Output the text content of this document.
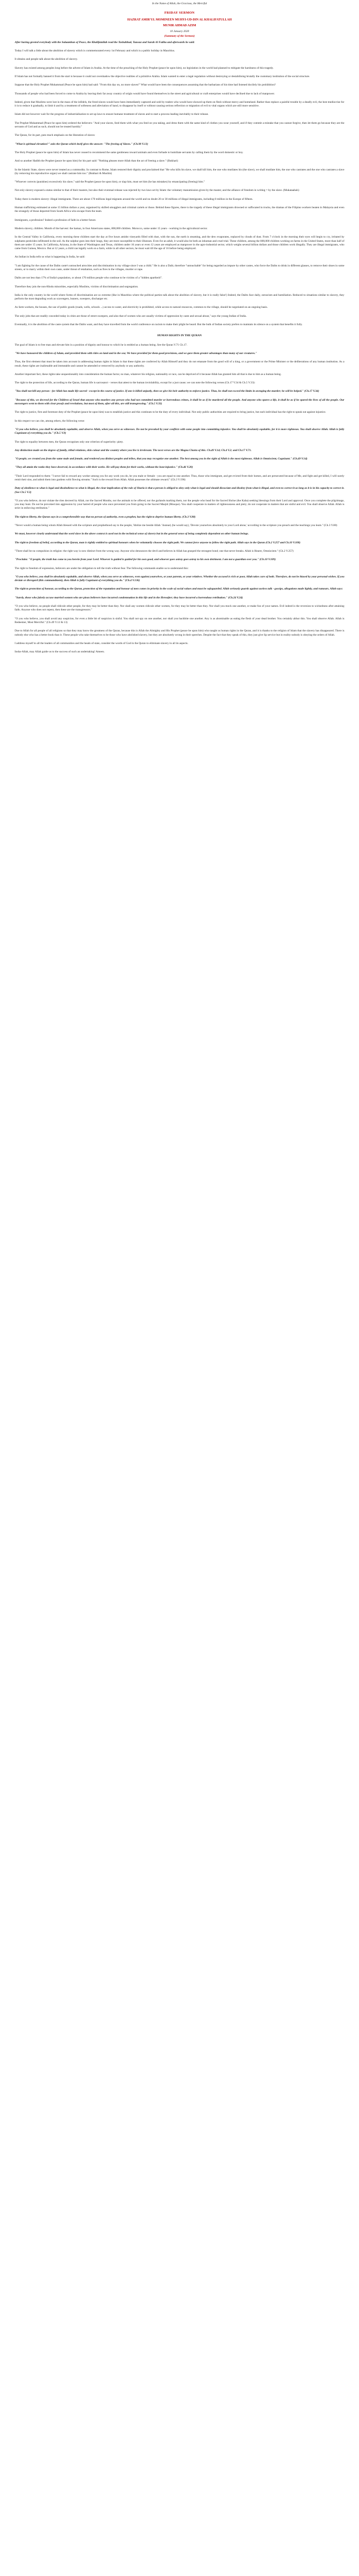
In the Name of Allah, the Gracious, the Merciful
FRIDAY SERMON
HAZRAT AMIR'UL MOMINEEN MUHYI-UD-DIN AL KHALIFATULLAH
MUNIR AHMAD AZIM
10 January 2020
(Summary of the Sermon)

After having greeted everybody with the Salaamhun of Peace, the Khalifatullah read the Tashahhud, Taawuz and Surah Al Fatiha and afterwards he said:

Today I will talk a little about the abolition of slavery which is commemorated every 1st February and which is a public holiday in Mauritius.

It obtains and people talk about the abolition of slavery.

Slavery has existed among peoples long before the advent of Islam in Arabia. At the time of the preaching of the Holy Prophet (peace be upon him), no legislation in the world had planned to mitigate the harshness of this tragedy.

If Islam has not formally banned it from the start is because it could not overshadow the objective realities of a primitive Arabia. Islam wanted to enter a legal regulation without destroying or destabilising brutally the customary institution of the social structure.

Suppose that the Holy Prophet Muhammad (Peace be upon him) had said: "From this day on, no more slaves!" What would have been the consequences assuming that the barbarians of his time had listened docilely his prohibition?

Thousands of people who had been forced to come to Arabia by leaving their far away country of origin would have found themselves in the street and agricultural or craft enterprises would have declined due to lack of manpower.

Indeed, given that Muslims were lost in the mass of the infidels, the freed slaves would have been immediately captured and sold by traders who would have showed up them on flesh without mercy and homeland. Rather than replace a painful trouble by a deadly evil, the best mediocrise for it is to reduce it gradually, to limit it and by a treatment of softeness and alleviation of hand, to disappear by itself or without causing serious reflection or migration of evil to vital organs which are still more sensitive.

Islam did not however wait for the progress of industrialisation to set up laws to ensure humane treatment of slaves and to start a process leading inevitably to their release.

The Prophet Muhammad (Peace be upon him) ordered the believers: "And your slaves, feed them with what you feed on you taking, and dress them with the same kind of clothes you wear yourself, and if they commit a mistake that you cannot forgive, then let them go because they are the servants of God and as such, should not be treated harshly."

The Quran, for its part, puts much emphasis on the liberation of slaves:

"What is spiritual elevation?" asks the Quran which itself gives the answer: "The freeing of Slaves." (Ch.90 V.13)

The Holy Prophet (peace be upon him) of Islam has never ceased to recommend the same gentleness toward animals and even forbade to humiliate servants by calling them by the word domestic or boy.

And so another Hadith the Prophet (peace be upon him) for his part said: "Nothing pleases more Allah than the act of freeing a slave." (Bukhari)

In the Islamic State, slaves were never treated as a commodity. In contrast to Rome, Islam restored their dignity and proclaimed that "He who kills his slave, we shall kill him, the one who mutilates his (the slave), we shall mutilate him, the one who castrates and the one who castrates a slave (by removing his reproductive organ) we shall castrate him too." (Bukhari & Muslim)

"Whoever corrects (punishes) excessively his slave," said the Prophet (peace be upon him), or slap him, must set him (he has mistakes) by emancipating (freeing) him."

Not only slavery exposed a status similar to that of their masters, but also their eventual release was rejected by two laws set by Islam: the voluntary manumission given by the master, and the alliance of freedom in writing = by the slave. (Mukataabah)

Today there is modern slavery: illegal immigrants. There are about 170 millions legal migrants around the world and no doubt 20 or 30 millions of illegal immigrants, including 8 million in the Europe of fifteen.

Human trafficking estimated at some 15 billion dollars a year, organised by skilled smugglers and criminal cartels or those. Behind these figures, there is the tragedy of these illegal immigrants drowned or suffocated in trucks, the dramas of the Filipino workers beaten in Malaysia and even the strangely of those deported from South Africa who escape from the team.

Immigrants, a profession? Indeed a profession of faith in a better future.

Modern slavery, children. Month of the harvest: the hamaz, in four Americans states, 800,000 children. Morocco, some under 15 years - working in the agricultural sector.

In the Central Valley in California, every morning these children start the day at five hours amidst vineyards filled with dust, with the sun, the earth is steaming, and the dew evaporates, replaced by clouds of dust. From 7 o'clock in the morning their eyes will begin to cry, irritated by sulphates pesticides infiltrated in the soil. As the sulphur goes into their lungs, they are more susceptible to their illnesses. Even for an adult, it would also be both an inhuman and cruel trial. These children, among the 800,000 children working on farms in the United States, more than half of them are under 15 years. In California, Arizona, in the State of Washington and Texas, children under 16 years or even 12 years are employed as manpower in the agro-industrial sector, which weighs several billion dollars and those children work illegally. They are illegal immigrants, who came from Guinea, Mexico. But at 12 years, a child can legally work on a farm, while in all other sectors, he must wait till the age of 16 before being employed.

An Indian in India tells us what is happening in India, he said:

"I am fighting for the cause of the Dalits caste's untouched atrocities and discrimination in my village since I was a child." He is also a Dalit, therefore "untouchable" for being regarded as impure by other castes, who force the Dalits to drink in different glasses, to remove their shoes in some streets, or to marry within their own caste, under threat of retaliation, such as fires in the villages, murder or rape.

Dalits are not less than 17% of India's population, or about 170 million people who continue to be victims of a "hidden apartheid".

Therefore they join the non-Hindu minorities, especially Muslims, victims of discrimination and segregation.

India is the only country in the world where forms of discrimination are so extreme (like in Mauritius where the political parties talk about the abolition of slavery, but it is really false!) Indeed, the Dalits face daily, ostracism and humiliation. Reduced to situations similar to slavery, they perform the most degrading work as scavengers, leaners, sweepers, discharger etc.

As farm workers, the houses, the use of public goods (roads, wells, schools ...) access to water, and electricity is prohibited, while access to natural resources, common to the village, should be negotiated on an ongoing basis.

The only jobs that are readily conceded today in cities are those of street sweepers, and also that of women who are usually victims of oppression by caste and sexual abuse," says the young Indian of India.

Eventually, it is the abolition of the caste system that the Dalits want, and they have travelled from the world conference on racism to make their plight be heard. But the bulk of Indian society prefers to maintain its silence on a system that benefits it fully.

HUMAN RIGHTS IN THE QURAN

The goal of Islam is to free man and elevate him in a position of dignity and honour to which he is entitled as a human being. See the Quran V.71 Ch.17.

"We have honoured the children of Adam, and provided them with rides on land and in the sea; We have provided for them good provisions, and we gave them greater advantages than many of our creatures."

Thus, the first element that must be taken into account in addressing human rights in Islam is that these rights are conferred by Allah Himself and they do not emanate from the good will of a king, or a government or the Prime Minister or the deliberations of any human institution. As a result, these rights are inalienable and immutable and cannot be amended or removed by anybody or any authority.

Another important fact, these rights take unquestionably into consideration the human factor, no man, whatever his religion, nationality or race, can be deprived of it because Allah has granted him all that is due to him as a human being.

The right to the protection of life, according to the Quran, human life is sacrosanct - verses that attest to the human inviolability, except for a just cause; we can note the following verses (Ch.17 V.34 & Ch.5 V.33):

"You shall not kill any person - for Allah has made life sacred - except in the course of justice. If one is killed unjustly, then we give his heir authority to enforce justice. Thus, he shall not exceed the limits in avenging the murder; he will be helped." (Ch.17 V.34)

"Because of this, we decreed for the Children of Israel that anyone who murders any person who had not committed murder or horrendous crimes, it shall be as if he murdered all the people. And anyone who spares a life, it shall be as if he spared the lives of all the people. Our messengers went to them with clear proofs and revelations, but most of them, after all this, are still transgressing." (Ch.5 V.33)

The right to justice, first and foremost duty of the Prophet (peace be upon him) was to establish justice and this continues to be the duty of every individual. Not only public authorities are required to bring justice, but each individual has the right to speak out against injustice.

In this respect we can cite, among others, the following verse:

"O you who believe, you shall be absolutely equitable, and observe Allah, when you serve as witnesses. Do not be provoked by your conflicts with some people into committing injustice. You shall be absolutely equitable, for it is more righteous. You shall observe Allah. Allah is fully Cognizant of everything you do." (Ch.5 V.9)

The right to equality between men, the Quran recognises only one criterion of superiority: piety.

Any distinction made on the degree of family, tribal relations, skin colour and the country where you live is irrelevant. The next verses are the Magna Charta of this. Ch.49 V.14; Ch.4 V.2; and Ch.17 V.71.

"O people, we created you from the same male and female, and rendered you distinct peoples and tribes, that you may recognize one another. The best among you in the sight of Allah is the most righteous. Allah is Omniscient, Cognizant." (Ch.49 V.14)

"They all attain the ranks they have deserved, in accordance with their works. He will pay them for their works, without the least injustice." (Ch.46 V.20)

"Their Lord responded to them: "I never fail to reward any worker among you for any work you do, be you male or female - you are equal to one another. Thus, those who immigrate, and get evicted from their homes, and are persecuted because of Me, and fight and get killed, I will surely remit their sins, and admit them into gardens with flowing streams." Such is the reward from Allah. Allah possesses the ultimate reward." (Ch.3 V.196)

Duty of obedience to what is legal and disobedience to what is illegal, the clear implication of the rule of Sharia is that a person is obliged to obey only what is legal and should dissociate and disobey from what is illegal, and even to correct it as long as it is in his capacity to correct it. (See Ch.5 V.3)

"O you who believe, do not violate the rites decreed by Allah, nor the Sacred Months, nor the animals to be offered, nor the garlands marking them, nor the people who head for the Sacred Shrine (the Kaba) seeking blessings from their Lord and approval. Once you complete the pilgrimage, you may hunt. Do not be provoked into aggression by your hatred of people who once prevented you from going to the Sacred Masjid (Mosque). You shall cooperate in matters of righteousness and piety; do not cooperate in matters that are sinful and evil. You shall observe Allah. Allah is strict in enforcing retribution."

The right to liberty, the Quran says in a comprehensible way that no person of authority, even a prophet, has the right to deprive human liberty. (Ch.3 V.80)

"Never would a human being whom Allah blessed with the scripture and prophethood say to the people, 'Idolize me beside Allah.' Instead, (he would say), 'Devote yourselves absolutely to your Lord alone,' according to the scripture you preach and the teachings you learn." (Ch.3 V.80)

We must, however clearly understand that the word slave in the above context is used not in the technical sense of slavery but in the general sense of being completely dependent on other human beings.

The right to freedom of belief, according to the Quran, man is rightly entitled to spiritual honours when he voluntarily chooses the right path. We cannot force anyone to follow the right path. Allah says in the Quran (Ch.2 V.257 and Ch.10 V.100)

"There shall be no compulsion in religion: the right way is now distinct from the wrong way. Anyone who denounces the devil and believes in Allah has grasped the strongest bond; one that never breaks. Allah is Hearer, Omniscient." (Ch.2 V.257)

"Proclaim: "O people, the truth has come to you herein from your Lord. Whoever is guided is guided for his own good, and whoever goes astray goes astray to his own detriment. I am not a guardian over you." (Ch.10 V.109)

The right to freedom of expression, believers are under the obligation to tell the truth without fear. The following commands enable us to understand this:

"O you who believe, you shall be absolutely equitable, and observe Allah, when you serve as witnesses, even against yourselves, or your parents, or your relatives. Whether the accused is rich or poor, Allah takes care of both. Therefore, do not be biased by your personal wishes. If you deviate or disregard (this commandment), then Allah is fully Cognizant of everything you do." (Ch.4 V.136)

The right to protection of honour, according to the Quran, protection of the reputation and honour of men comes in priority in the scale of social values and must be safeguarded. Allah seriously guards against useless talk - gossips, allegations made lightly, and rumours. Allah says:

"Surely, those who falsely accuse married women who are pious believers have incurred condemnation in this life and in the Hereafter; they have incurred a horrendous retribution." (Ch.24 V.24)

"O you who believe, no people shall ridicule other people, for they may be better than they. Nor shall any women ridicule other women, for they may be better than they. Nor shall you mock one another, or make fun of your names. Evil indeed is the reversion to wickedness after attaining faith. Anyone who does not repent, then these are the transgressors."

"O you who believe, you shall avoid any suspicion, for even a little bit of suspicion is sinful. You shall not spy on one another, nor shall you backbite one another. Any is as abominable as eating the flesh of your dead brother. You certainly abhor this. You shall observe Allah. Allah is Redeemer, Most Merciful." (Ch.49 V.12 & 13)

Due to Allah for all people of all religions so that they may know the greatness of the Quran, because this is Allah the Almighty and His Prophet (peace be upon him) who taught us human rights in the Quran, and it is thanks to the religion of Islam that the slavery has disappeared. There is nobody else who has a better book than it. These people who take themselves to be those who have abolished slavery, but they are absolutely wrong in their speeches. Despite the fact that they speak of this, they just give lip service but in reality nobody is obeying the orders of Allah.

I address myself to all the leaders of all communities and the heads of state, consider the words of God in the Quran to eliminate slavery in all its aspects.

Insha-Allah, may Allah guide us to the success of such an undertaking! Ameen.
